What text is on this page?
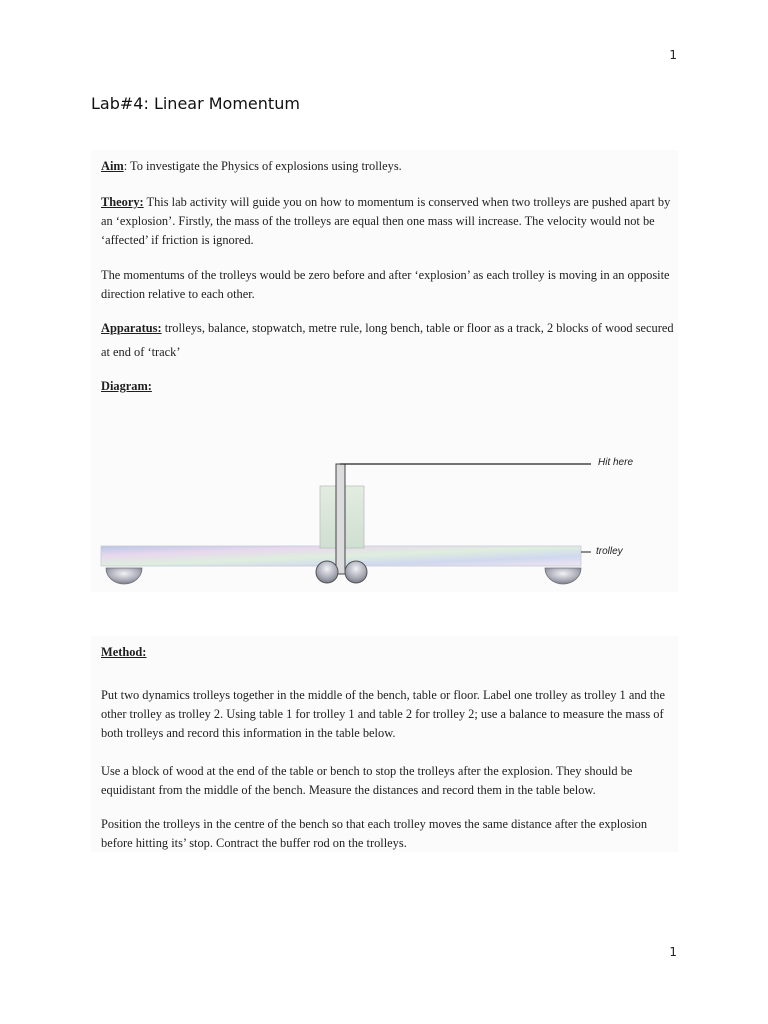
1
Lab#4: Linear Momentum

Aim: To investigate the Physics of explosions using trolleys.

Theory: This lab activity will guide you on how to momentum is conserved when two trolleys are pushed apart by an ‘explosion’. Firstly, the mass of the trolleys are equal then one mass will increase. The velocity would not be ‘affected’ if friction is ignored.

The momentums of the trolleys would be zero before and after ‘explosion’ as each trolley is moving in an opposite direction relative to each other.

Apparatus: trolleys, balance, stopwatch, metre rule, long bench, table or floor as a track, 2 blocks of wood secured at end of ‘track’

Diagram:

Hit here
trolley

Method:

Put two dynamics trolleys together in the middle of the bench, table or floor. Label one trolley as trolley 1 and the other trolley as trolley 2. Using table 1 for trolley 1 and table 2 for trolley 2; use a balance to measure the mass of both trolleys and record this information in the table below.

Use a block of wood at the end of the table or bench to stop the trolleys after the explosion. They should be equidistant from the middle of the bench. Measure the distances and record them in the table below.

Position the trolleys in the centre of the bench so that each trolley moves the same distance after the explosion before hitting its’ stop. Contract the buffer rod on the trolleys.

1
